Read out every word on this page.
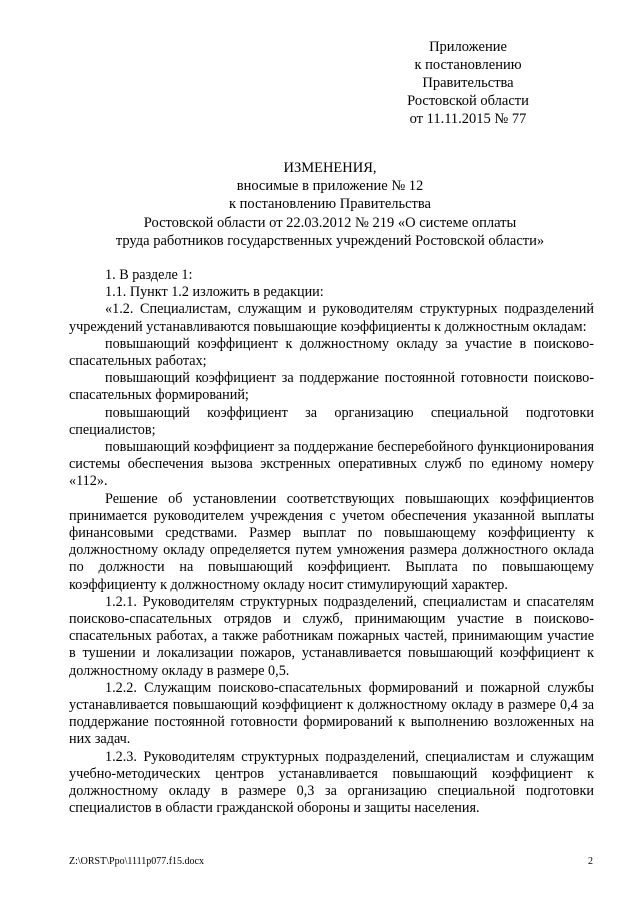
Приложение
к постановлению
Правительства
Ростовской области
от 11.11.2015 № 77
ИЗМЕНЕНИЯ,
вносимые в приложение № 12
к постановлению Правительства
Ростовской области от 22.03.2012 № 219 «О системе оплаты
труда работников государственных учреждений Ростовской области»

1. В разделе 1:

1.1. Пункт 1.2 изложить в редакции:

«1.2. Специалистам, служащим и руководителям структурных подразделений учреждений устанавливаются повышающие коэффициенты к должностным окладам:

повышающий коэффициент к должностному окладу за участие в поисково-спасательных работах;

повышающий коэффициент за поддержание постоянной готовности поисково-спасательных формирований;

повышающий коэффициент за организацию специальной подготовки специалистов;

повышающий коэффициент за поддержание бесперебойного функционирования системы обеспечения вызова экстренных оперативных служб по единому номеру «112».

Решение об установлении соответствующих повышающих коэффициентов принимается руководителем учреждения с учетом обеспечения указанной выплаты финансовыми средствами. Размер выплат по повышающему коэффициенту к должностному окладу определяется путем умножения размера должностного оклада по должности на повышающий коэффициент. Выплата по повышающему коэффициенту к должностному окладу носит стимулирующий характер.

1.2.1. Руководителям структурных подразделений, специалистам и спасателям поисково-спасательных отрядов и служб, принимающим участие в поисково-спасательных работах, а также работникам пожарных частей, принимающим участие в тушении и локализации пожаров, устанавливается повышающий коэффициент к должностному окладу в размере 0,5.

1.2.2. Служащим поисково-спасательных формирований и пожарной службы устанавливается повышающий коэффициент к должностному окладу в размере 0,4 за поддержание постоянной готовности формирований к выполнению возложенных на них задач.

1.2.3. Руководителям структурных подразделений, специалистам и служащим учебно-методических центров устанавливается повышающий коэффициент к должностному окладу в размере 0,3 за организацию специальной подготовки специалистов в области гражданской обороны и защиты населения.

Z:\ORST\Ppo\1111p077.f15.docx	2
